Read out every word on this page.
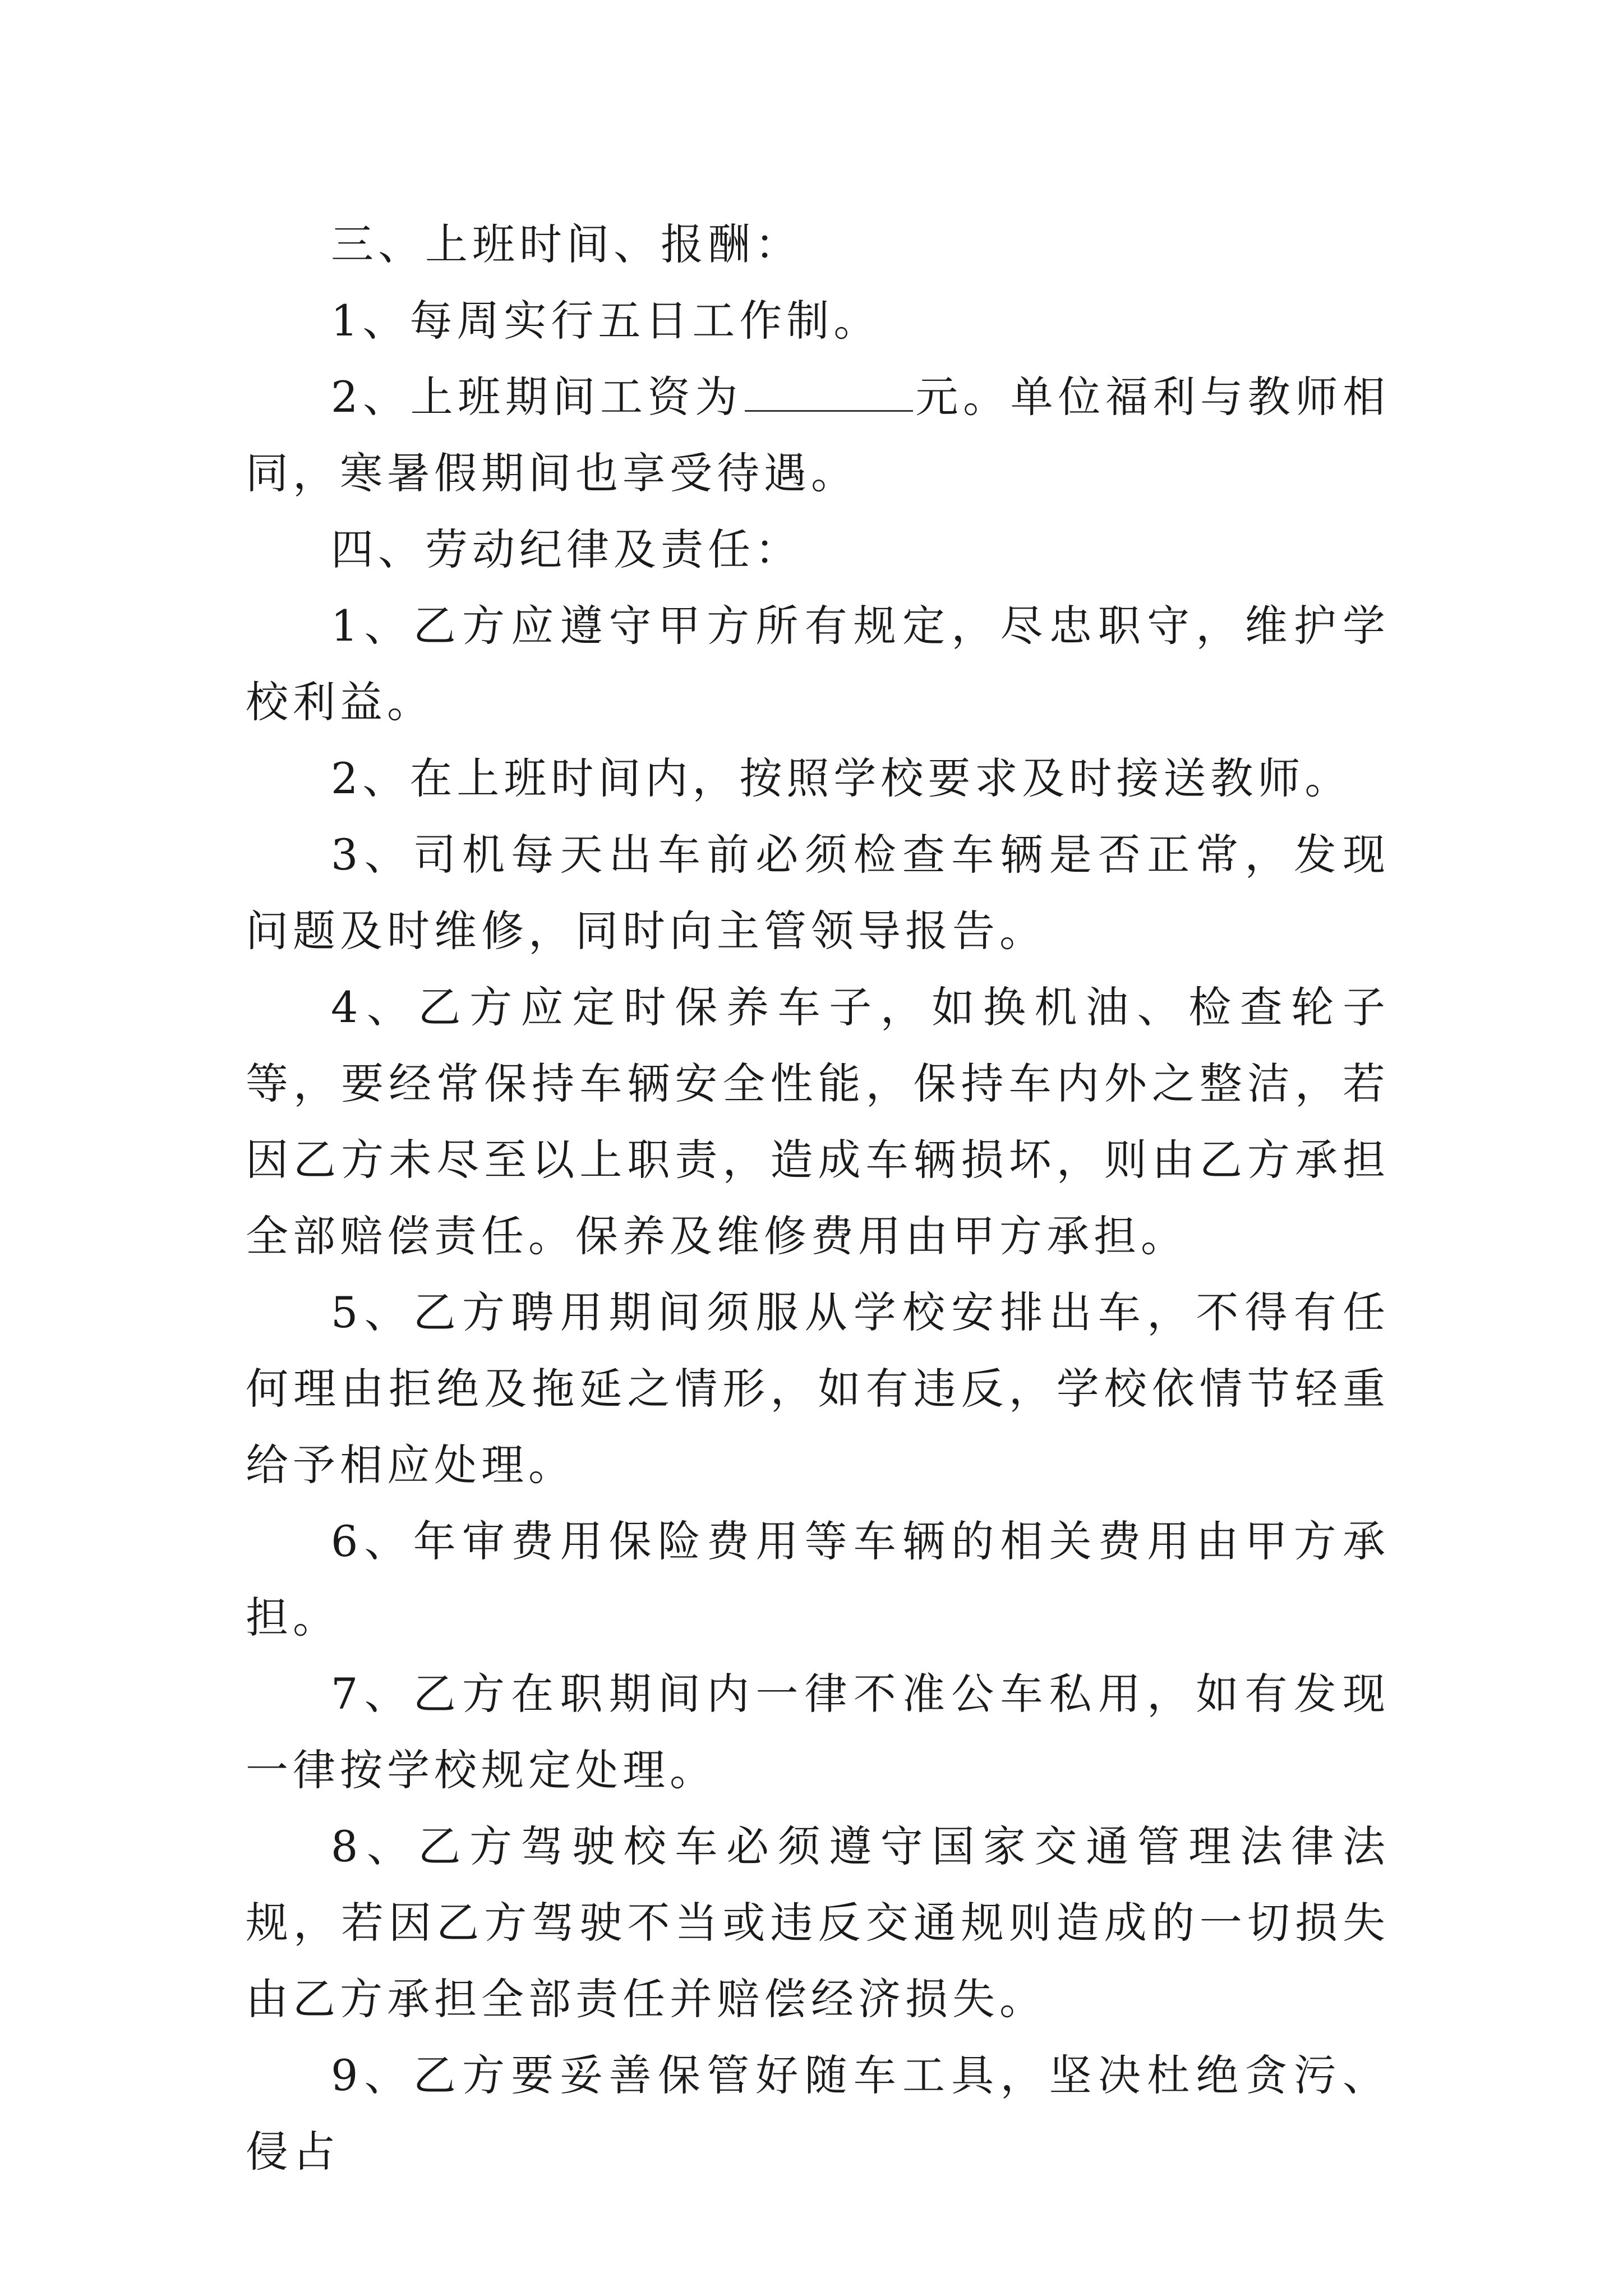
三、上班时间、报酬：

1、每周实行五日工作制。

2、上班期间工资为	元。单位福利与教师相同，寒暑假期间也享受待遇。

四、劳动纪律及责任：

1、乙方应遵守甲方所有规定，尽忠职守，维护学校利益。

2、在上班时间内，按照学校要求及时接送教师。

3、司机每天出车前必须检查车辆是否正常，发现问题及时维修，同时向主管领导报告。

4、乙方应定时保养车子，如换机油、检查轮子等，要经常保持车辆安全性能，保持车内外之整洁，若因乙方未尽至以上职责，造成车辆损坏，则由乙方承担全部赔偿责任。保养及维修费用由甲方承担。

5、乙方聘用期间须服从学校安排出车，不得有任何理由拒绝及拖延之情形，如有违反，学校依情节轻重给予相应处理。

6、年审费用保险费用等车辆的相关费用由甲方承担。

7、乙方在职期间内一律不准公车私用，如有发现一律按学校规定处理。

8、乙方驾驶校车必须遵守国家交通管理法律法规，若因乙方驾驶不当或违反交通规则造成的一切损失由乙方承担全部责任并赔偿经济损失。

9、乙方要妥善保管好随车工具，坚决杜绝贪污、侵占
